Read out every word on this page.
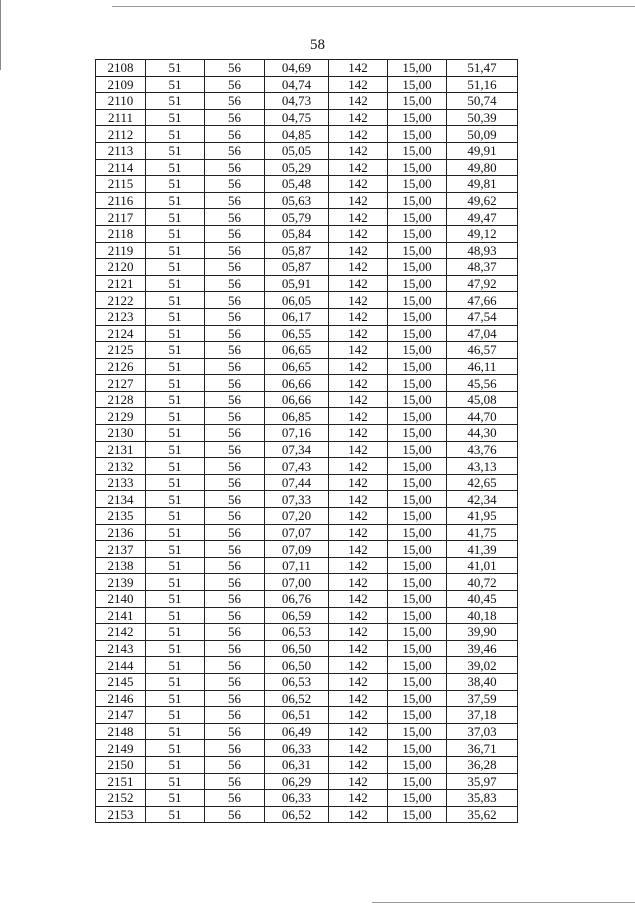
58
2108	51	56	04,69	142	15,00	51,47
2109	51	56	04,74	142	15,00	51,16
2110	51	56	04,73	142	15,00	50,74
2111	51	56	04,75	142	15,00	50,39
2112	51	56	04,85	142	15,00	50,09
2113	51	56	05,05	142	15,00	49,91
2114	51	56	05,29	142	15,00	49,80
2115	51	56	05,48	142	15,00	49,81
2116	51	56	05,63	142	15,00	49,62
2117	51	56	05,79	142	15,00	49,47
2118	51	56	05,84	142	15,00	49,12
2119	51	56	05,87	142	15,00	48,93
2120	51	56	05,87	142	15,00	48,37
2121	51	56	05,91	142	15,00	47,92
2122	51	56	06,05	142	15,00	47,66
2123	51	56	06,17	142	15,00	47,54
2124	51	56	06,55	142	15,00	47,04
2125	51	56	06,65	142	15,00	46,57
2126	51	56	06,65	142	15,00	46,11
2127	51	56	06,66	142	15,00	45,56
2128	51	56	06,66	142	15,00	45,08
2129	51	56	06,85	142	15,00	44,70
2130	51	56	07,16	142	15,00	44,30
2131	51	56	07,34	142	15,00	43,76
2132	51	56	07,43	142	15,00	43,13
2133	51	56	07,44	142	15,00	42,65
2134	51	56	07,33	142	15,00	42,34
2135	51	56	07,20	142	15,00	41,95
2136	51	56	07,07	142	15,00	41,75
2137	51	56	07,09	142	15,00	41,39
2138	51	56	07,11	142	15,00	41,01
2139	51	56	07,00	142	15,00	40,72
2140	51	56	06,76	142	15,00	40,45
2141	51	56	06,59	142	15,00	40,18
2142	51	56	06,53	142	15,00	39,90
2143	51	56	06,50	142	15,00	39,46
2144	51	56	06,50	142	15,00	39,02
2145	51	56	06,53	142	15,00	38,40
2146	51	56	06,52	142	15,00	37,59
2147	51	56	06,51	142	15,00	37,18
2148	51	56	06,49	142	15,00	37,03
2149	51	56	06,33	142	15,00	36,71
2150	51	56	06,31	142	15,00	36,28
2151	51	56	06,29	142	15,00	35,97
2152	51	56	06,33	142	15,00	35,83
2153	51	56	06,52	142	15,00	35,62
